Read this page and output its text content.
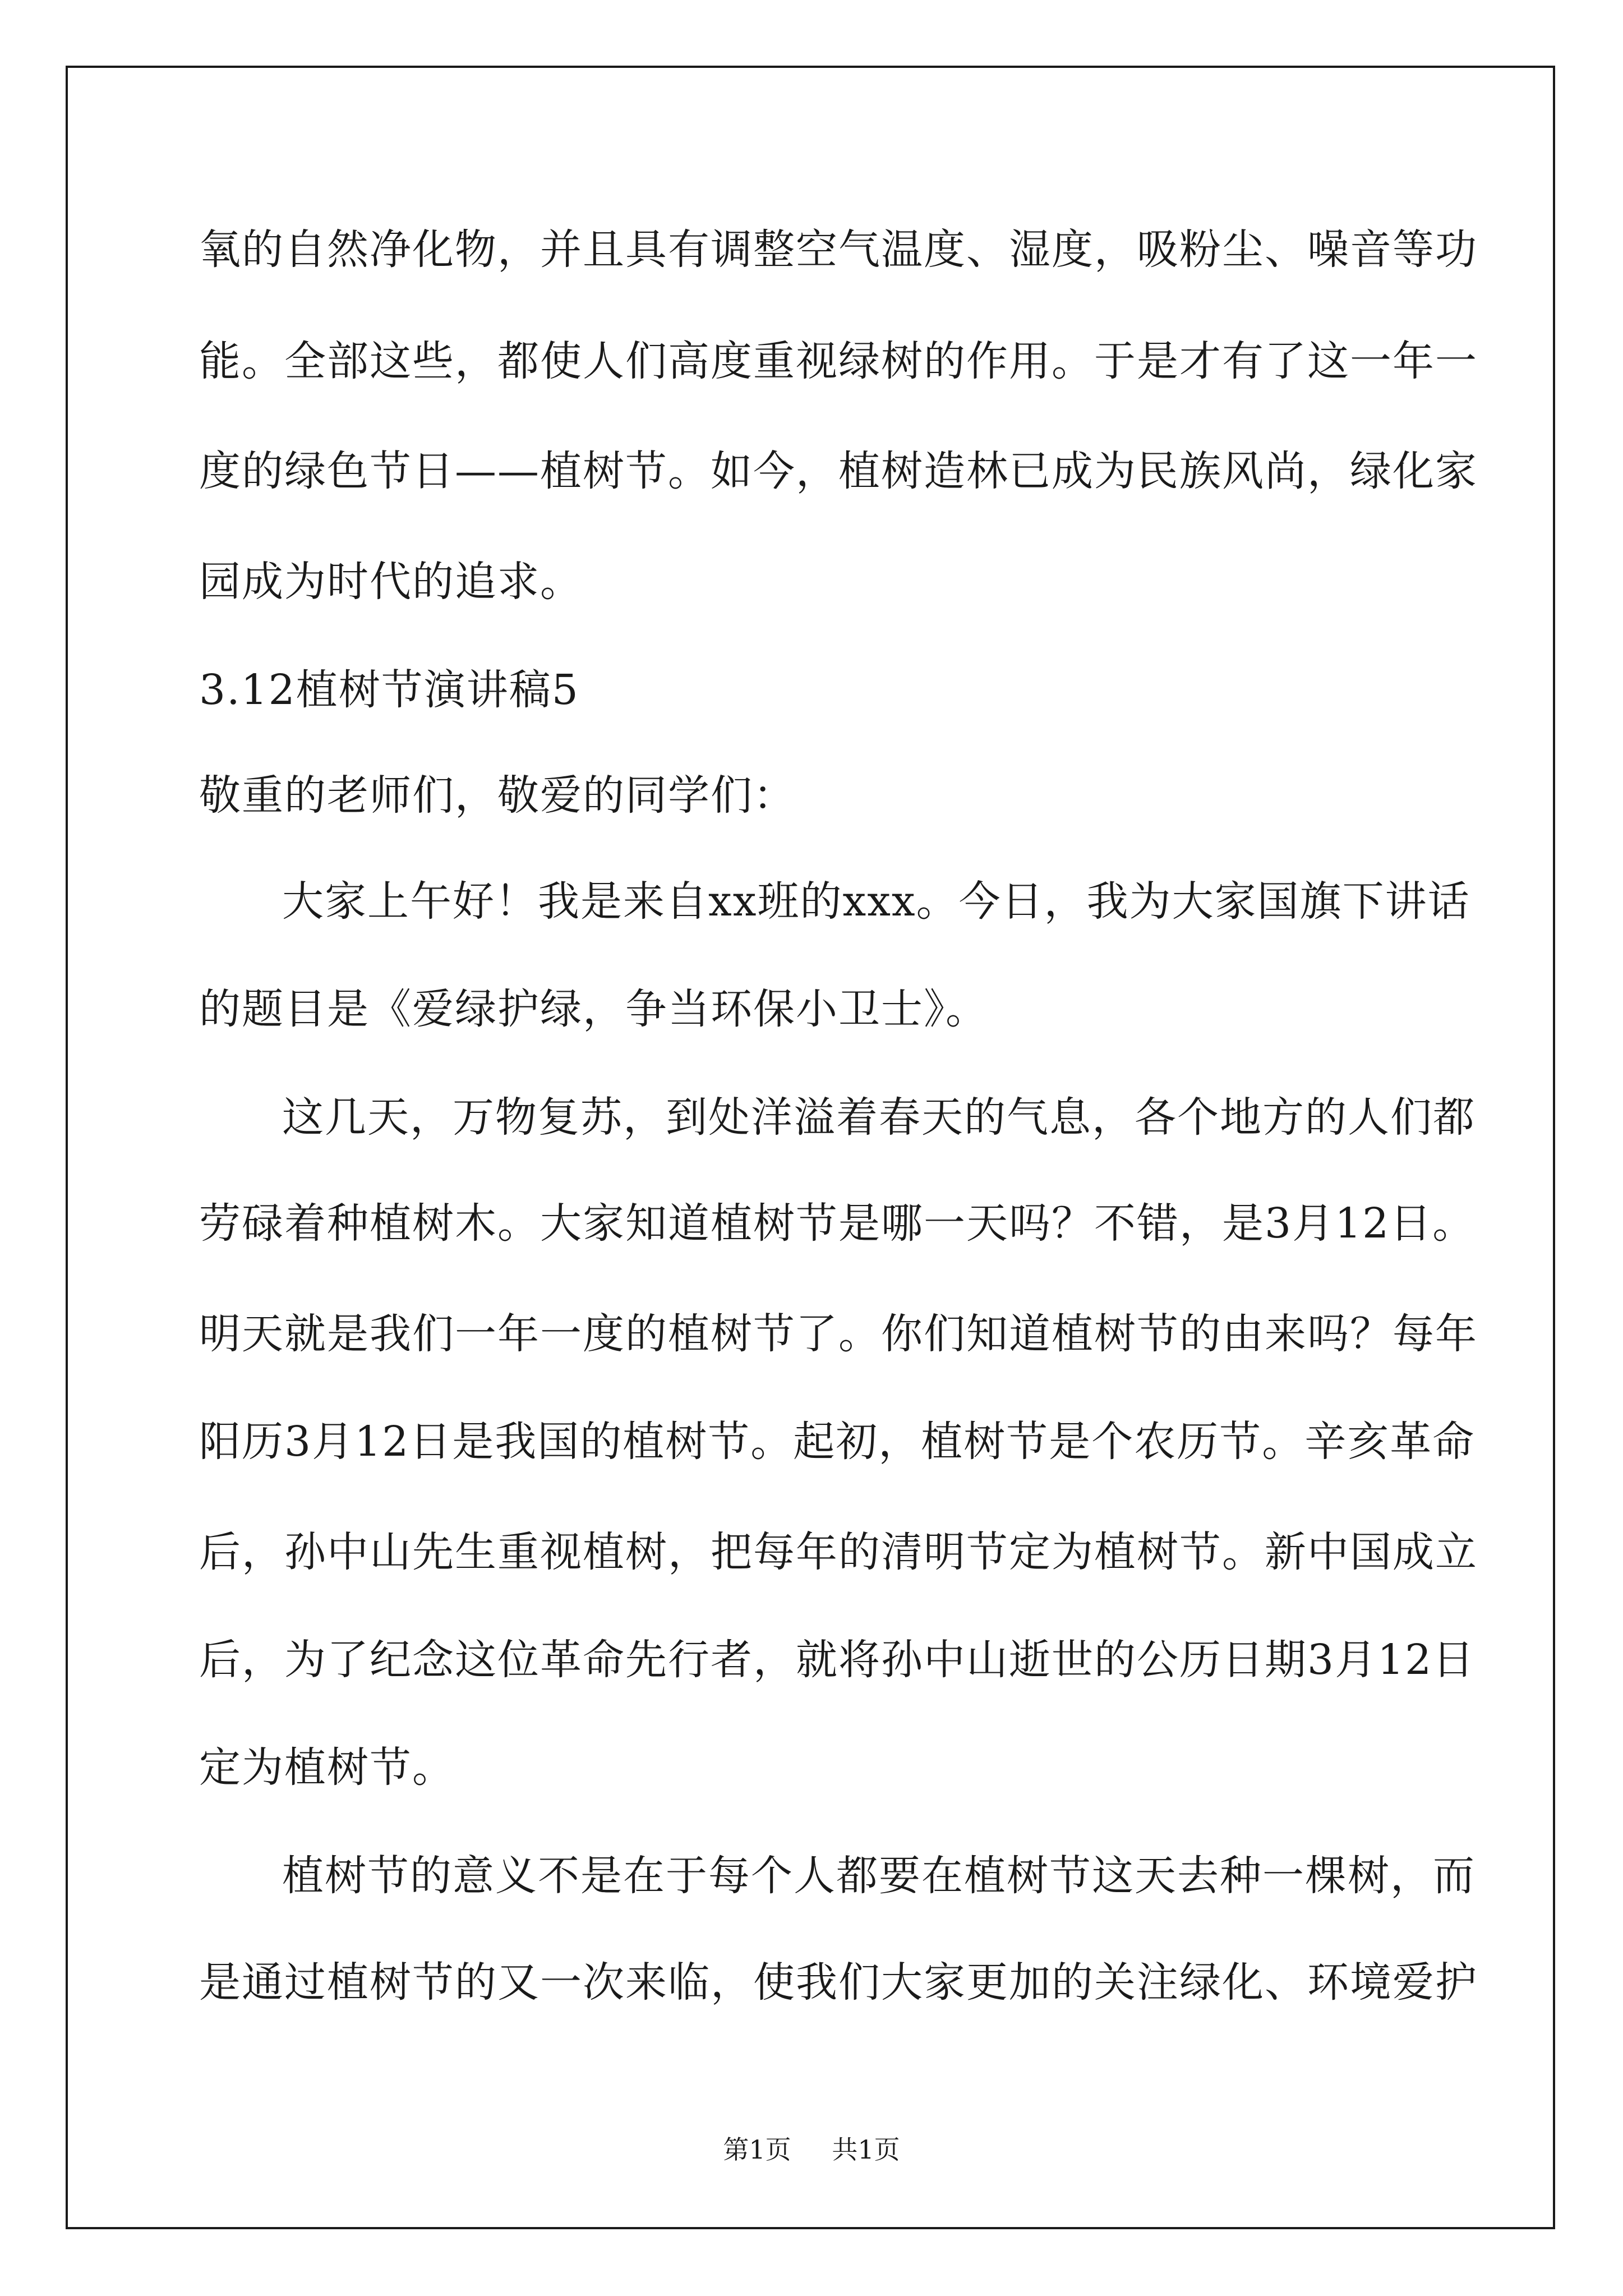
氧的自然净化物，并且具有调整空气温度、湿度，吸粉尘、噪音等功
能。全部这些，都使人们高度重视绿树的作用。于是才有了这一年一
度的绿色节日——植树节。如今，植树造林已成为民族风尚，绿化家
园成为时代的追求。
3.12植树节演讲稿5
敬重的老师们，敬爱的同学们：
大家上午好！我是来自xx班的xxx。今日，我为大家国旗下讲话
的题目是《爱绿护绿，争当环保小卫士》。
这几天，万物复苏，到处洋溢着春天的气息，各个地方的人们都
劳碌着种植树木。大家知道植树节是哪一天吗？不错，是3月12日。
明天就是我们一年一度的植树节了。你们知道植树节的由来吗？每年
阳历3月12日是我国的植树节。起初，植树节是个农历节。辛亥革命
后，孙中山先生重视植树，把每年的清明节定为植树节。新中国成立
后，为了纪念这位革命先行者，就将孙中山逝世的公历日期3月12日
定为植树节。
植树节的意义不是在于每个人都要在植树节这天去种一棵树，而
是通过植树节的又一次来临，使我们大家更加的关注绿化、环境爱护
第1页 共1页
